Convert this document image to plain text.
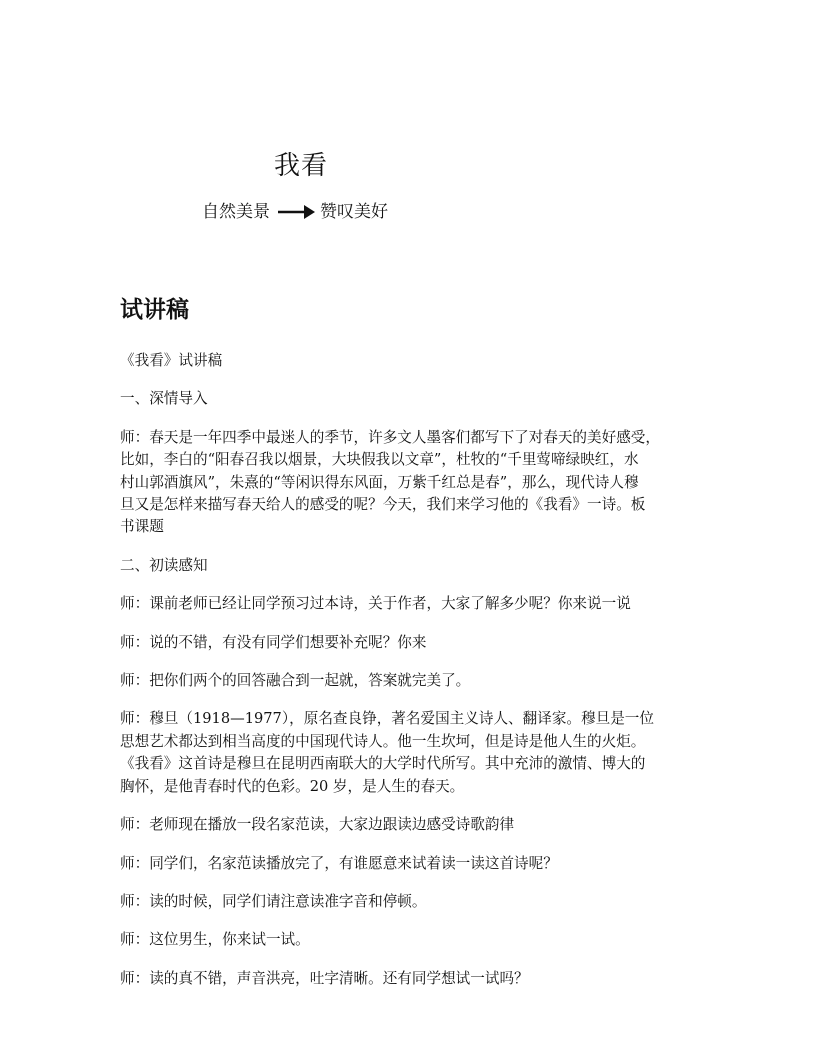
我看
自然美景	赞叹美好
试讲稿
《我看》试讲稿
一、深情导入
师：春天是一年四季中最迷人的季节，许多文人墨客们都写下了对春天的美好感受，
比如，李白的“阳春召我以烟景，大块假我以文章”，杜牧的“千里莺啼绿映红，水
村山郭酒旗风”，朱熹的“等闲识得东风面，万紫千红总是春”，那么，现代诗人穆
旦又是怎样来描写春天给人的感受的呢？今天，我们来学习他的《我看》一诗。板
书课题
二、初读感知
师：课前老师已经让同学预习过本诗，关于作者，大家了解多少呢？你来说一说
师：说的不错，有没有同学们想要补充呢？你来
师：把你们两个的回答融合到一起就，答案就完美了。
师：穆旦（1918—1977），原名查良铮，著名爱国主义诗人、翻译家。穆旦是一位
思想艺术都达到相当高度的中国现代诗人。他一生坎坷，但是诗是他人生的火炬。
《我看》这首诗是穆旦在昆明西南联大的大学时代所写。其中充沛的激情、博大的
胸怀，是他青春时代的色彩。20 岁，是人生的春天。
师：老师现在播放一段名家范读，大家边跟读边感受诗歌韵律
师：同学们，名家范读播放完了，有谁愿意来试着读一读这首诗呢？
师：读的时候，同学们请注意读准字音和停顿。
师：这位男生，你来试一试。
师：读的真不错，声音洪亮，吐字清晰。还有同学想试一试吗？
